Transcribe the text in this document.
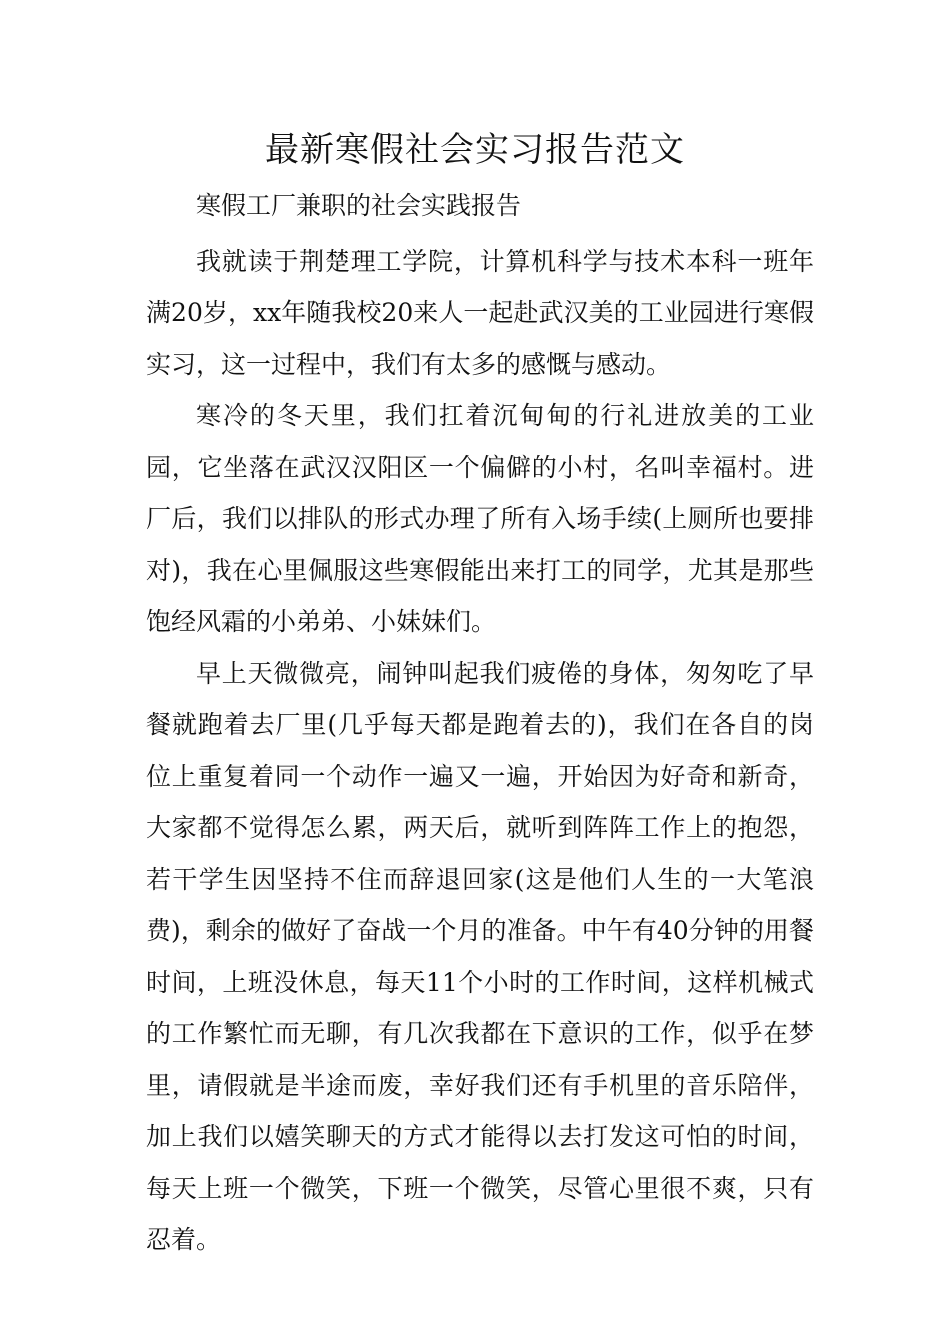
最新寒假社会实习报告范文

寒假工厂兼职的社会实践报告

我就读于荆楚理工学院，计算机科学与技术本科一班年满20岁，xx年随我校20来人一起赴武汉美的工业园进行寒假实习，这一过程中，我们有太多的感慨与感动。

寒冷的冬天里，我们扛着沉甸甸的行礼进放美的工业园，它坐落在武汉汉阳区一个偏僻的小村，名叫幸福村。进厂后，我们以排队的形式办理了所有入场手续(上厕所也要排对)，我在心里佩服这些寒假能出来打工的同学，尤其是那些饱经风霜的小弟弟、小妹妹们。

早上天微微亮，闹钟叫起我们疲倦的身体，匆匆吃了早餐就跑着去厂里(几乎每天都是跑着去的)，我们在各自的岗位上重复着同一个动作一遍又一遍，开始因为好奇和新奇，大家都不觉得怎么累，两天后，就听到阵阵工作上的抱怨，若干学生因坚持不住而辞退回家(这是他们人生的一大笔浪费)，剩余的做好了奋战一个月的准备。中午有40分钟的用餐时间，上班没休息，每天11个小时的工作时间，这样机械式的工作繁忙而无聊，有几次我都在下意识的工作，似乎在梦里，请假就是半途而废，幸好我们还有手机里的音乐陪伴，加上我们以嬉笑聊天的方式才能得以去打发这可怕的时间，每天上班一个微笑，下班一个微笑，尽管心里很不爽，只有忍着。
